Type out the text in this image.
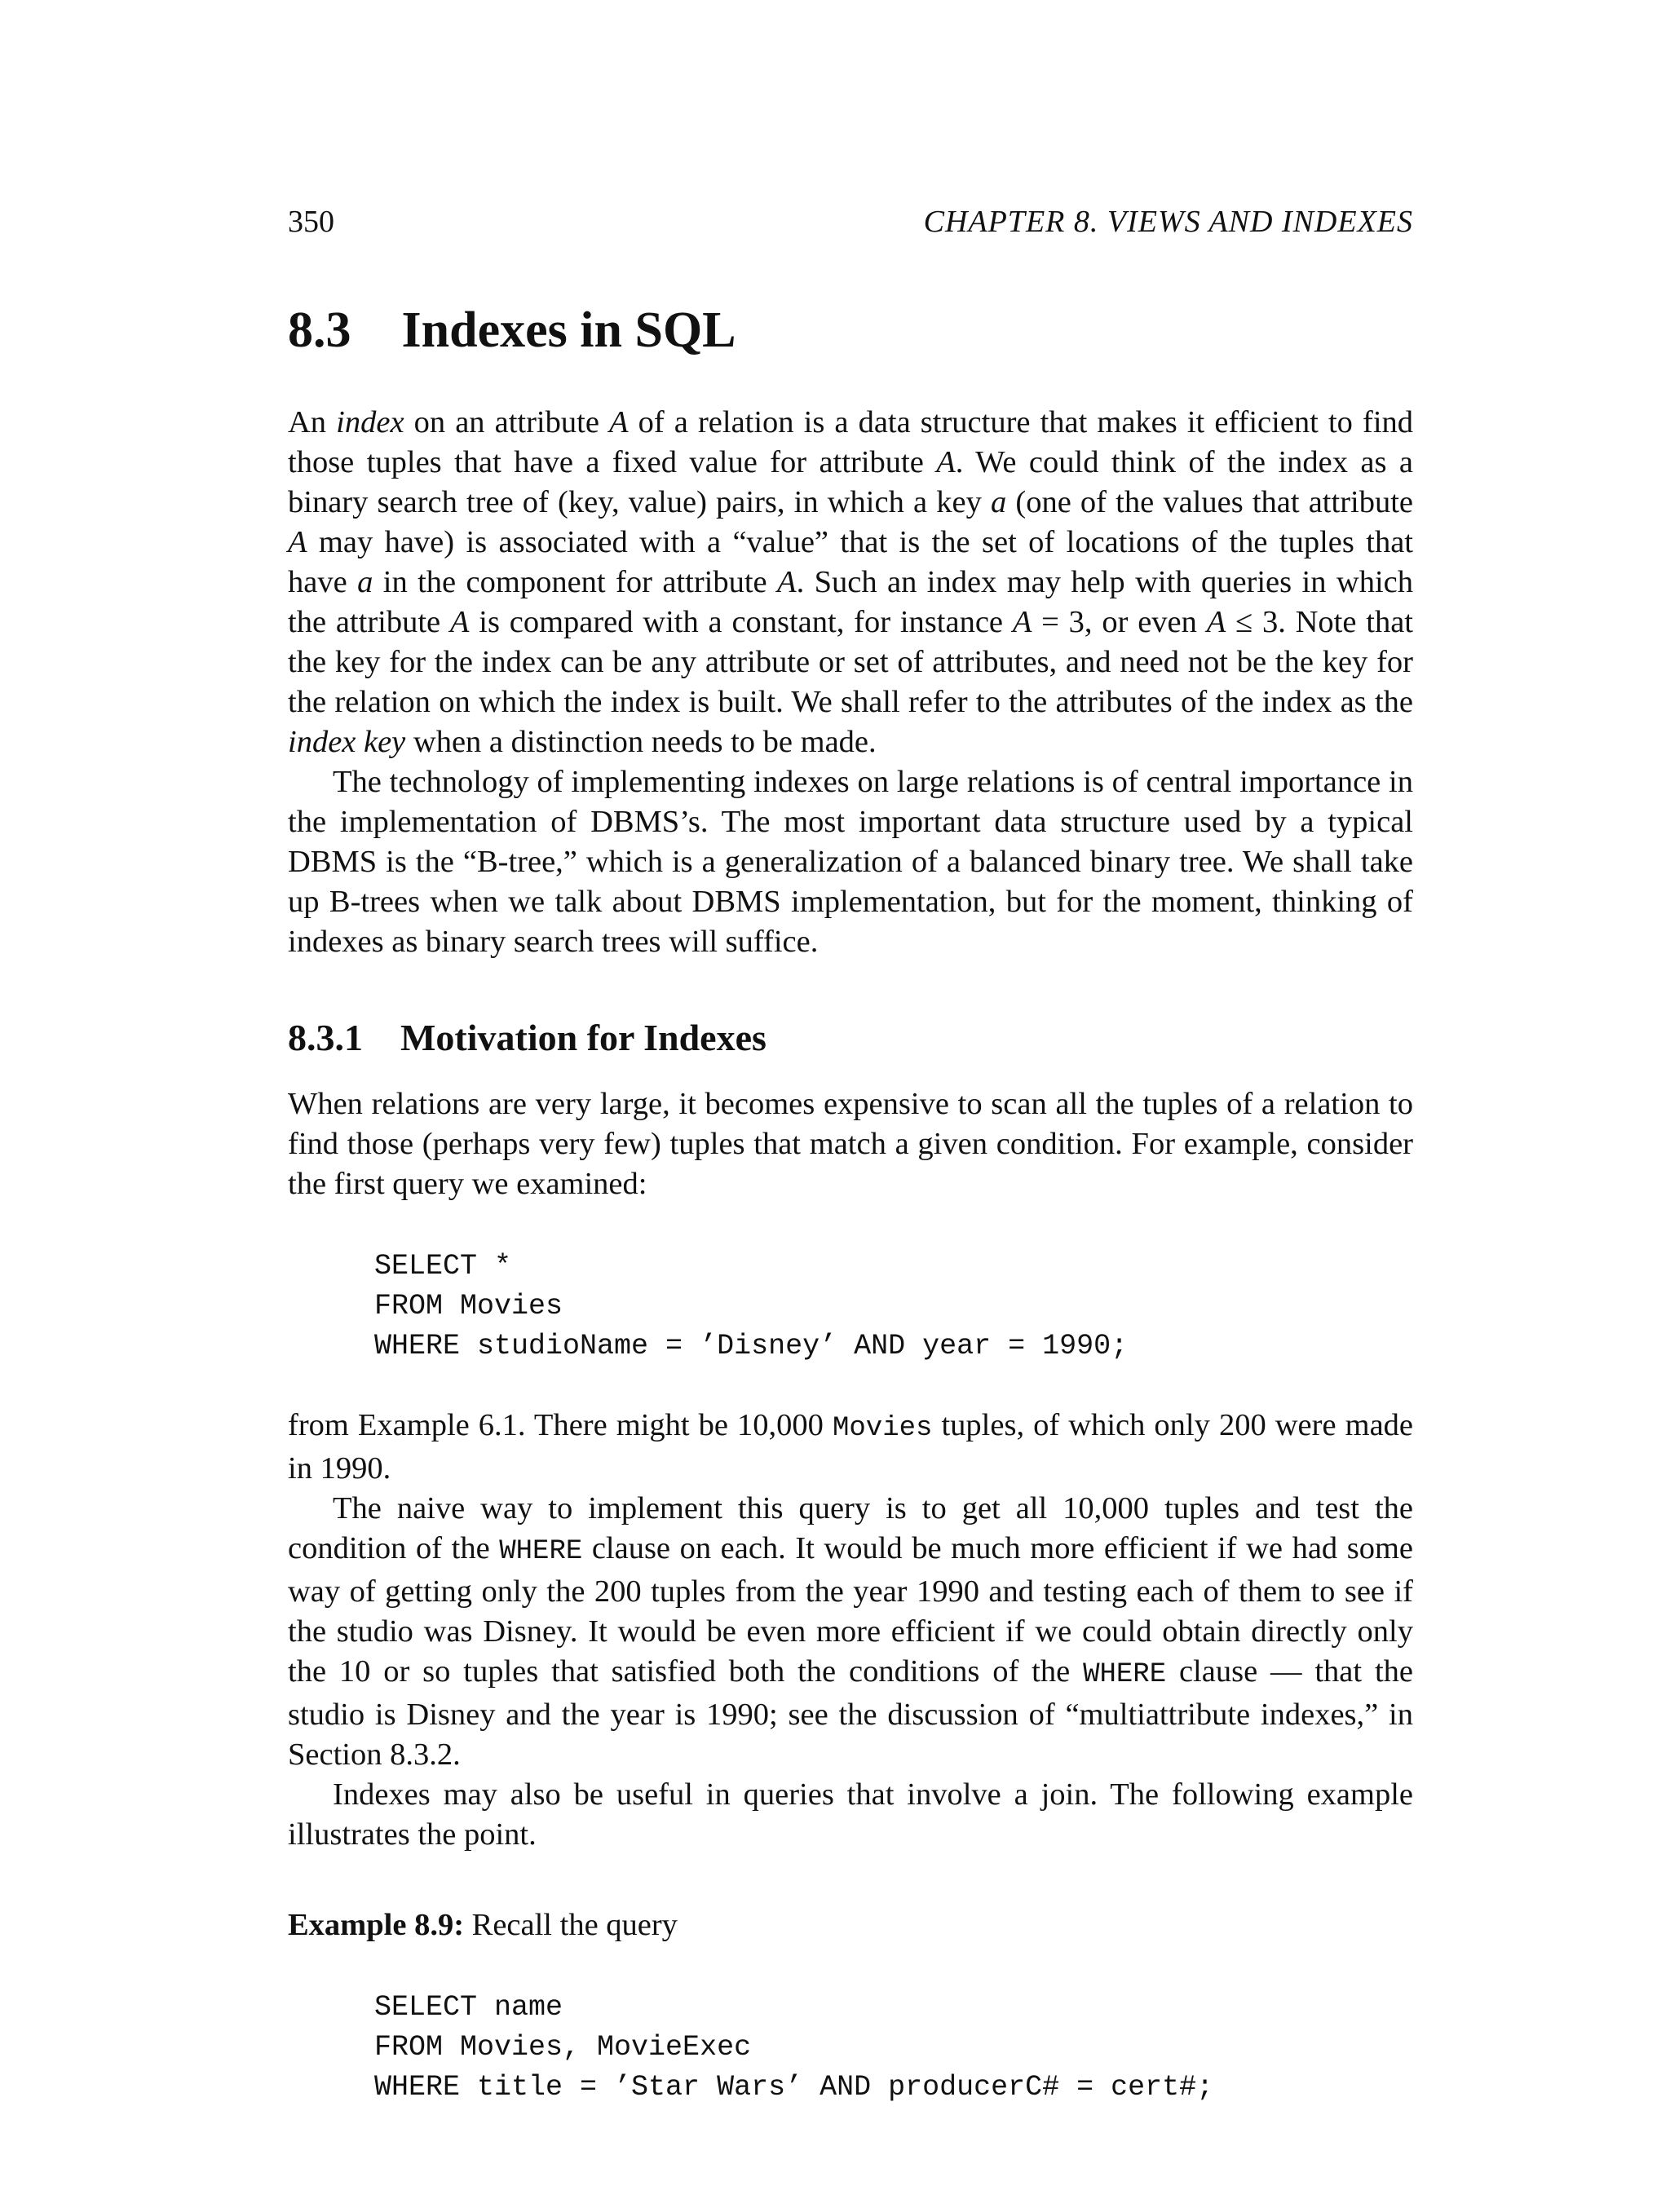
350	CHAPTER 8. VIEWS AND INDEXES
8.3 Indexes in SQL

An index on an attribute A of a relation is a data structure that makes it efficient to find those tuples that have a fixed value for attribute A. We could think of the index as a binary search tree of (key, value) pairs, in which a key a (one of the values that attribute A may have) is associated with a “value” that is the set of locations of the tuples that have a in the component for attribute A. Such an index may help with queries in which the attribute A is compared with a constant, for instance A = 3, or even A ≤ 3. Note that the key for the index can be any attribute or set of attributes, and need not be the key for the relation on which the index is built. We shall refer to the attributes of the index as the index key when a distinction needs to be made.

The technology of implementing indexes on large relations is of central importance in the implementation of DBMS’s. The most important data structure used by a typical DBMS is the “B-tree,” which is a generalization of a balanced binary tree. We shall take up B-trees when we talk about DBMS implementation, but for the moment, thinking of indexes as binary search trees will suffice.

8.3.1 Motivation for Indexes

When relations are very large, it becomes expensive to scan all the tuples of a relation to find those (perhaps very few) tuples that match a given condition. For example, consider the first query we examined:

SELECT *
FROM Movies
WHERE studioName = ’Disney’ AND year = 1990;

from Example 6.1. There might be 10,000 Movies tuples, of which only 200 were made in 1990.

The naive way to implement this query is to get all 10,000 tuples and test the condition of the WHERE clause on each. It would be much more efficient if we had some way of getting only the 200 tuples from the year 1990 and testing each of them to see if the studio was Disney. It would be even more efficient if we could obtain directly only the 10 or so tuples that satisfied both the conditions of the WHERE clause — that the studio is Disney and the year is 1990; see the discussion of “multiattribute indexes,” in Section 8.3.2.

Indexes may also be useful in queries that involve a join. The following example illustrates the point.

Example 8.9: Recall the query

SELECT name
FROM Movies, MovieExec
WHERE title = ’Star Wars’ AND producerC# = cert#;
